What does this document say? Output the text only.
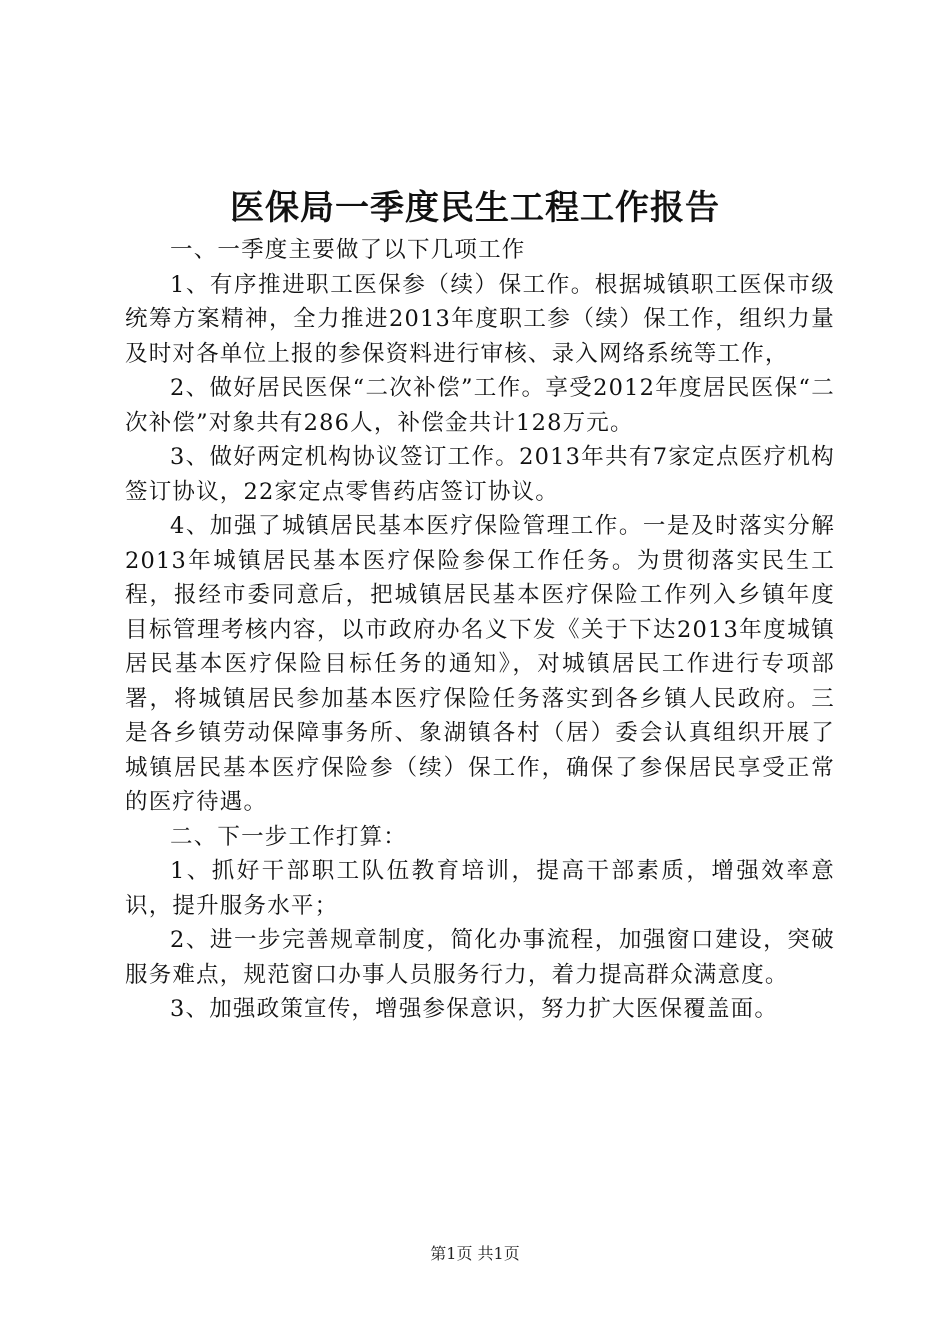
医保局一季度民生工程工作报告

一、一季度主要做了以下几项工作

1、有序推进职工医保参（续）保工作。根据城镇职工医保市级统筹方案精神，全力推进2013年度职工参（续）保工作，组织力量及时对各单位上报的参保资料进行审核、录入网络系统等工作，

2、做好居民医保“二次补偿”工作。享受2012年度居民医保“二次补偿”对象共有286人，补偿金共计128万元。

3、做好两定机构协议签订工作。2013年共有7家定点医疗机构签订协议，22家定点零售药店签订协议。

4、加强了城镇居民基本医疗保险管理工作。一是及时落实分解2013年城镇居民基本医疗保险参保工作任务。为贯彻落实民生工程，报经市委同意后，把城镇居民基本医疗保险工作列入乡镇年度目标管理考核内容，以市政府办名义下发《关于下达2013年度城镇居民基本医疗保险目标任务的通知》，对城镇居民工作进行专项部署，将城镇居民参加基本医疗保险任务落实到各乡镇人民政府。三是各乡镇劳动保障事务所、象湖镇各村（居）委会认真组织开展了城镇居民基本医疗保险参（续）保工作，确保了参保居民享受正常的医疗待遇。

二、下一步工作打算：

1、抓好干部职工队伍教育培训，提高干部素质，增强效率意识，提升服务水平；

2、进一步完善规章制度，简化办事流程，加强窗口建设，突破服务难点，规范窗口办事人员服务行力，着力提高群众满意度。

3、加强政策宣传，增强参保意识，努力扩大医保覆盖面。

第1页 共1页
